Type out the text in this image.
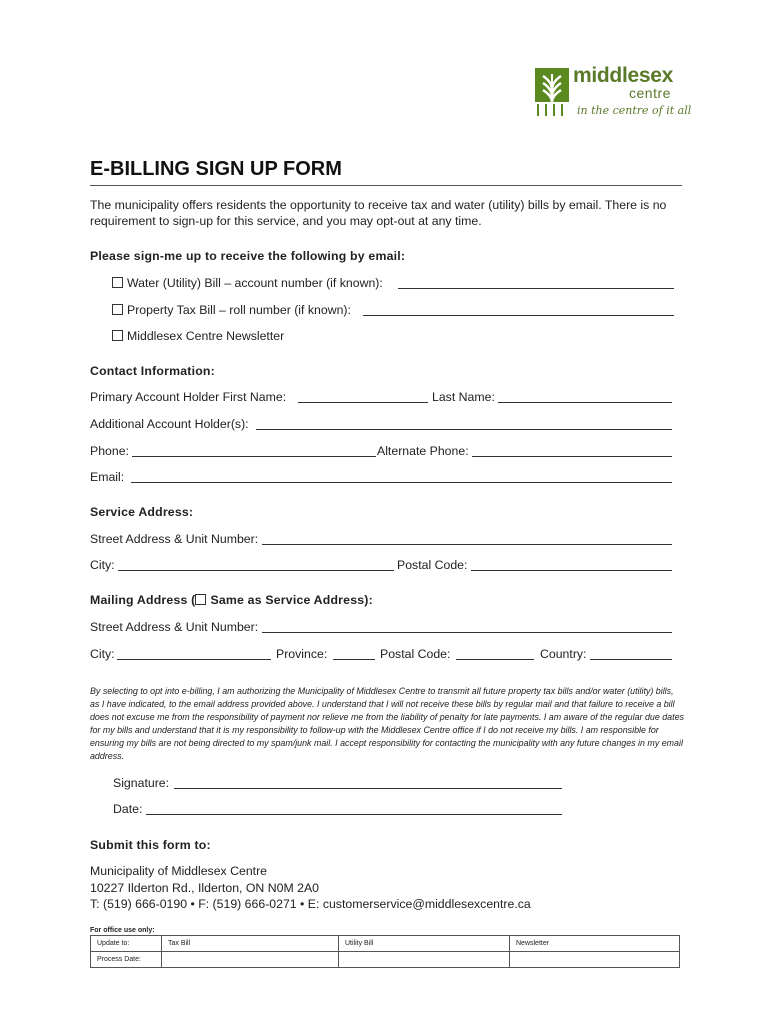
middlesex
centre
in the centre of it all
E-BILLING SIGN UP FORM
The municipality offers residents the opportunity to receive tax and water (utility) bills by email. There is no requirement to sign-up for this service, and you may opt-out at any time.
Please sign-me up to receive the following by email:
Water (Utility) Bill – account number (if known):
Property Tax Bill – roll number (if known):
Middlesex Centre Newsletter
Contact Information:
Primary Account Holder First Name:	Last Name:
Additional Account Holder(s):
Phone:	Alternate Phone:
Email:
Service Address:
Street Address & Unit Number:
City:	Postal Code:
Mailing Address ( Same as Service Address):
Street Address & Unit Number:
City:	Province:	Postal Code:	Country:
By selecting to opt into e-billing, I am authorizing the Municipality of Middlesex Centre to transmit all future property tax bills and/or water (utility) bills, as I have indicated, to the email address provided above. I understand that I will not receive these bills by regular mail and that failure to receive a bill does not excuse me from the responsibility of payment nor relieve me from the liability of penalty for late payments. I am aware of the regular due dates for my bills and understand that it is my responsibility to follow-up with the Middlesex Centre office if I do not receive my bills. I am responsible for ensuring my bills are not being directed to my spam/junk mail. I accept responsibility for contacting the municipality with any future changes in my email address.
Signature:
Date:
Submit this form to:
Municipality of Middlesex Centre
10227 Ilderton Rd., Ilderton, ON N0M 2A0
T: (519) 666-0190 • F: (519) 666-0271 • E: customerservice@middlesexcentre.ca
For office use only:
Update to:	Tax Bill	Utility Bill	Newsletter
Process Date:			
